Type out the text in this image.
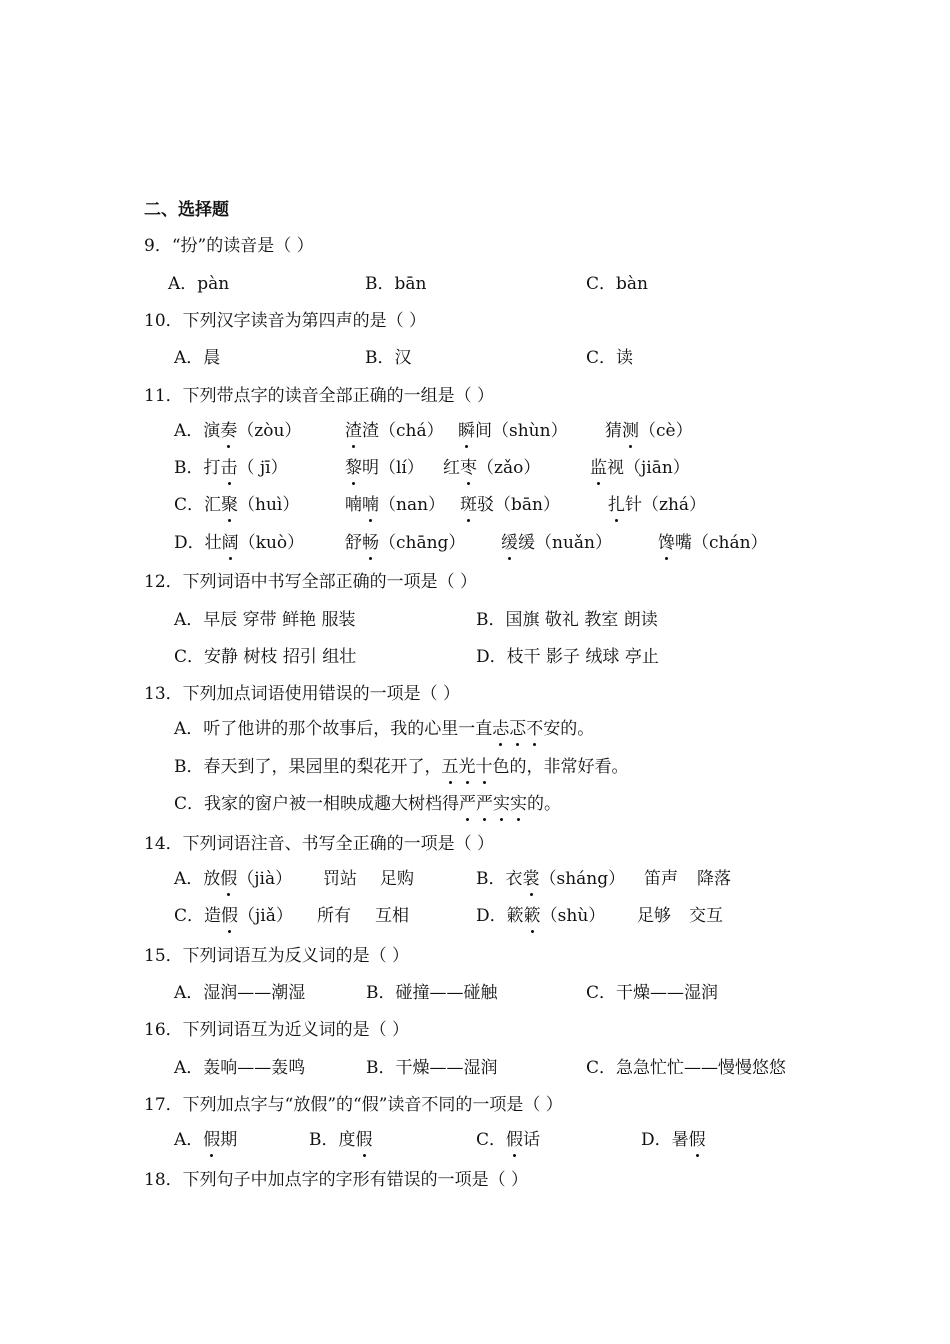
二、选择题
9．“扮”的读音是（ ）
A．pàn	B．bān	C．bàn
10．下列汉字读音为第四声的是（ ）
A．晨	B．汉	C．读
11．下列带点字的读音全部正确的一组是（ ）
A．演奏（zòu）	渣渣（chá） 瞬间（shùn） 猜测（cè）
B．打击（ jī）	黎明（lí） 红枣（zǎo）	监视（jiān）
C．汇聚（huì）	喃喃（nan） 斑驳（bān）	扎针（zhá）
D．壮阔（kuò） 舒畅（chāng） 缓缓（nuǎn）	馋嘴（chán）
12．下列词语中书写全部正确的一项是（ ）
A．早辰 穿带 鲜艳 服装	B．国旗 敬礼 教室 朗读
C．安静 树枝 招引 组壮	D．枝干 影子 绒球 亭止
13．下列加点词语使用错误的一项是（ ）
A．听了他讲的那个故事后，我的心里一直忐忑不安的。
B．春天到了，果园里的梨花开了，五光十色的，非常好看。
C．我家的窗户被一相映成趣大树档得严严实实的。
14．下列词语注音、书写全正确的一项是（ ）
A．放假（jià） 罚站 足购	B．衣裳（sháng） 笛声 降落
C．造假（jiǎ） 所有 互相	D．簌簌（shù） 足够 交互
15．下列词语互为反义词的是（ ）
A．湿润——潮湿	B．碰撞——碰触	C．干燥——湿润
16．下列词语互为近义词的是（ ）
A．轰响——轰鸣	B．干燥——湿润	C．急急忙忙——慢慢悠悠
17．下列加点字与“放假”的“假”读音不同的一项是（ ）
A．假期	B．度假	C．假话	D．暑假
18．下列句子中加点字的字形有错误的一项是（ ）
